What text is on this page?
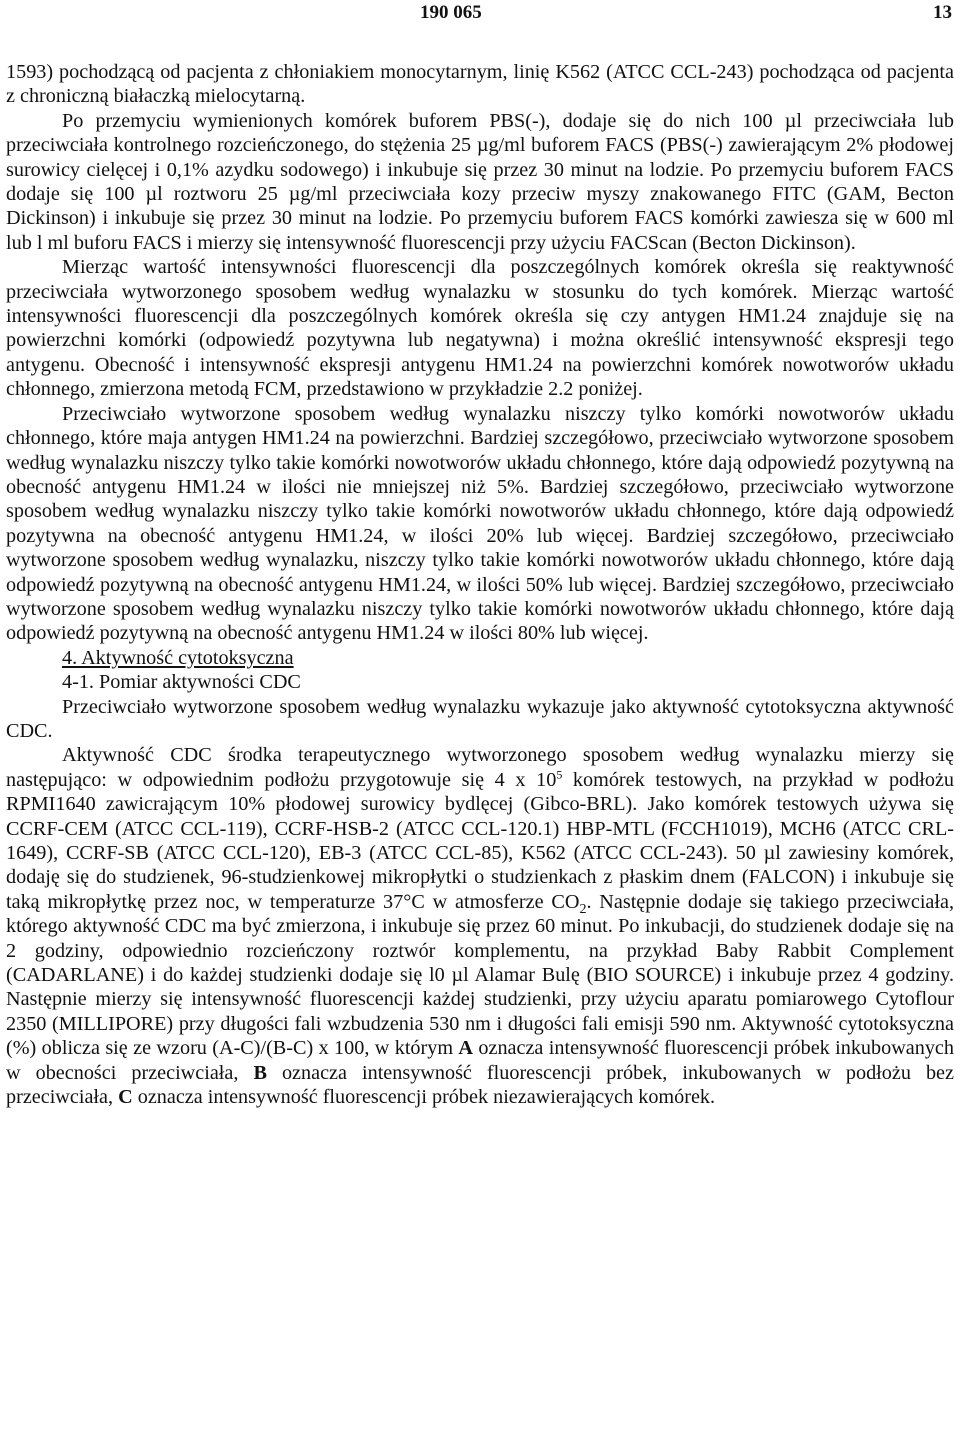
190 065	13

1593) pochodzącą od pacjenta z chłoniakiem monocytarnym, linię K562 (ATCC CCL-243) pochodząca od pacjenta z chroniczną białaczką mielocytarną.

Po przemyciu wymienionych komórek buforem PBS(-), dodaje się do nich 100 µl przeciwciała lub przeciwciała kontrolnego rozcieńczonego, do stężenia 25 µg/ml buforem FACS (PBS(-) zawierającym 2% płodowej surowicy cielęcej i 0,1% azydku sodowego) i inkubuje się przez 30 minut na lodzie. Po przemyciu buforem FACS dodaje się 100 µl roztworu 25 µg/ml przeciwciała kozy przeciw myszy znakowanego FITC (GAM, Becton Dickinson) i inkubuje się przez 30 minut na lodzie. Po przemyciu buforem FACS komórki zawiesza się w 600 ml lub l ml buforu FACS i mierzy się intensywność fluorescencji przy użyciu FACScan (Becton Dickinson).

Mierząc wartość intensywności fluorescencji dla poszczególnych komórek określa się reaktywność przeciwciała wytworzonego sposobem według wynalazku w stosunku do tych komórek. Mierząc wartość intensywności fluorescencji dla poszczególnych komórek określa się czy antygen HM1.24 znajduje się na powierzchni komórki (odpowiedź pozytywna lub negatywna) i można określić intensywność ekspresji tego antygenu. Obecność i intensywność ekspresji antygenu HM1.24 na powierzchni komórek nowotworów układu chłonnego, zmierzona metodą FCM, przedstawiono w przykładzie 2.2 poniżej.

Przeciwciało wytworzone sposobem według wynalazku niszczy tylko komórki nowotworów układu chłonnego, które maja antygen HM1.24 na powierzchni. Bardziej szczegółowo, przeciwciało wytworzone sposobem według wynalazku niszczy tylko takie komórki nowotworów układu chłonnego, które dają odpowiedź pozytywną na obecność antygenu HM1.24 w ilości nie mniejszej niż 5%. Bardziej szczegółowo, przeciwciało wytworzone sposobem według wynalazku niszczy tylko takie komórki nowotworów układu chłonnego, które dają odpowiedź pozytywna na obecność antygenu HM1.24, w ilości 20% lub więcej. Bardziej szczegółowo, przeciwciało wytworzone sposobem według wynalazku, niszczy tylko takie komórki nowotworów układu chłonnego, które dają odpowiedź pozytywną na obecność antygenu HM1.24, w ilości 50% lub więcej. Bardziej szczegółowo, przeciwciało wytworzone sposobem według wynalazku niszczy tylko takie komórki nowotworów układu chłonnego, które dają odpowiedź pozytywną na obecność antygenu HM1.24 w ilości 80% lub więcej.

4. Aktywność cytotoksyczna

4-1. Pomiar aktywności CDC

Przeciwciało wytworzone sposobem według wynalazku wykazuje jako aktywność cytotoksyczna aktywność CDC.

Aktywność CDC środka terapeutycznego wytworzonego sposobem według wynalazku mierzy się następująco: w odpowiednim podłożu przygotowuje się 4 x $10^5$ komórek testowych, na przykład w podłożu RPMI1640 zawicrającym 10% płodowej surowicy bydlęcej (Gibco-BRL). Jako komórek testowych używa się CCRF-CEM (ATCC CCL-119), CCRF-HSB-2 (ATCC CCL-120.1) HBP-MTL (FCCH1019), MCH6 (ATCC CRL-1649), CCRF-SB (ATCC CCL-120), EB-3 (ATCC CCL-85), K562 (ATCC CCL-243). 50 µl zawiesiny komórek, dodaję się do studzienek, 96-studzienkowej mikropłytki o studzienkach z płaskim dnem (FALCON) i inkubuje się taką mikropłytkę przez noc, w temperaturze 37°C w atmosferze $CO_2$. Następnie dodaje się takiego przeciwciała, którego aktywność CDC ma być zmierzona, i inkubuje się przez 60 minut. Po inkubacji, do studzienek dodaje się na 2 godziny, odpowiednio rozcieńczony roztwór komplementu, na przykład Baby Rabbit Complement (CADARLANE) i do każdej studzienki dodaje się l0 µl Alamar Bulę (BIO SOURCE) i inkubuje przez 4 godziny. Następnie mierzy się intensywność fluorescencji każdej studzienki, przy użyciu aparatu pomiarowego Cytoflour 2350 (MILLIPORE) przy długości fali wzbudzenia 530 nm i długości fali emisji 590 nm. Aktywność cytotoksyczna (%) oblicza się ze wzoru (A-C)/(B-C) x 100, w którym A oznacza intensywność fluorescencji próbek inkubowanych w obecności przeciwciała, B oznacza intensywność fluorescencji próbek, inkubowanych w podłożu bez przeciwciała, C oznacza intensywność fluorescencji próbek niezawierających komórek.
